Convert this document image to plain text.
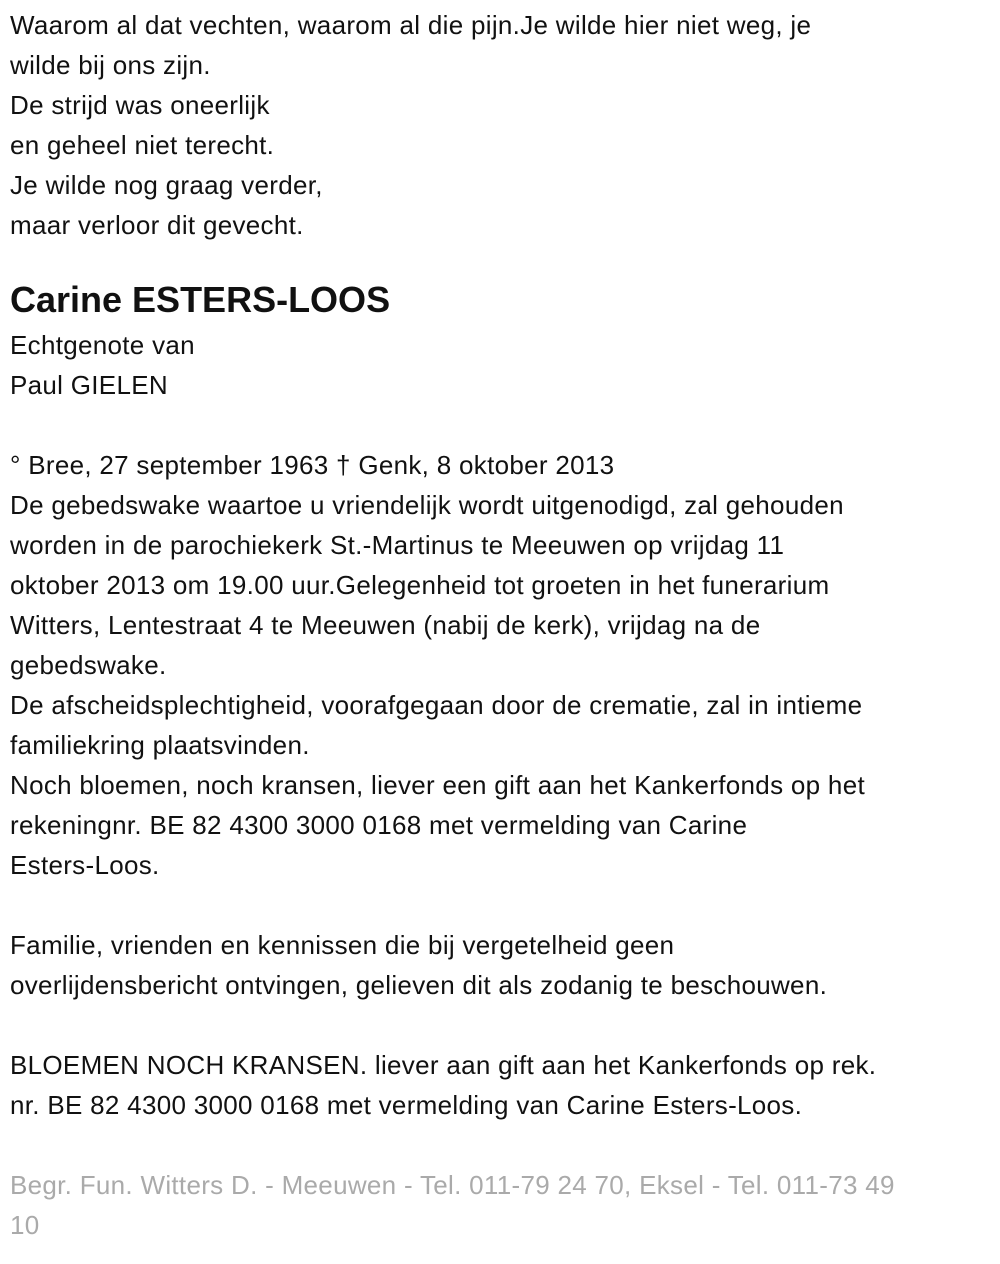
Waarom al dat vechten, waarom al die pijn.Je wilde hier niet weg, je
wilde bij ons zijn.
De strijd was oneerlijk
en geheel niet terecht.
Je wilde nog graag verder,
maar verloor dit gevecht.
Carine ESTERS-LOOS
Echtgenote van
Paul GIELEN
° Bree, 27 september 1963 † Genk, 8 oktober 2013
De gebedswake waartoe u vriendelijk wordt uitgenodigd, zal gehouden
worden in de parochiekerk St.-Martinus te Meeuwen op vrijdag 11
oktober 2013 om 19.00 uur.Gelegenheid tot groeten in het funerarium
Witters, Lentestraat 4 te Meeuwen (nabij de kerk), vrijdag na de
gebedswake.
De afscheidsplechtigheid, voorafgegaan door de crematie, zal in intieme
familiekring plaatsvinden.
Noch bloemen, noch kransen, liever een gift aan het Kankerfonds op het
rekeningnr. BE 82 4300 3000 0168 met vermelding van Carine
Esters-Loos.
Familie, vrienden en kennissen die bij vergetelheid geen
overlijdensbericht ontvingen, gelieven dit als zodanig te beschouwen.
BLOEMEN NOCH KRANSEN. liever aan gift aan het Kankerfonds op rek.
nr. BE 82 4300 3000 0168 met vermelding van Carine Esters-Loos.
Begr. Fun. Witters D. - Meeuwen - Tel. 011-79 24 70, Eksel - Tel. 011-73 49
10
